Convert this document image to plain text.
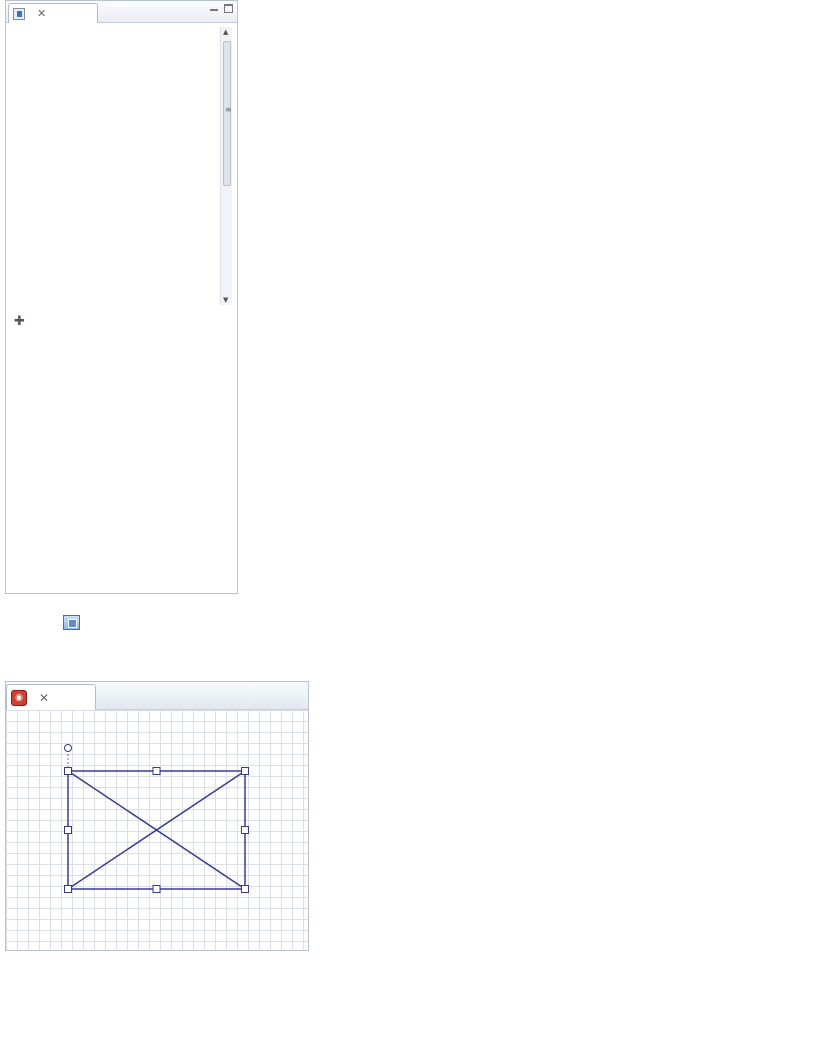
✕
▲
≡
▼
✚
◉	✕
